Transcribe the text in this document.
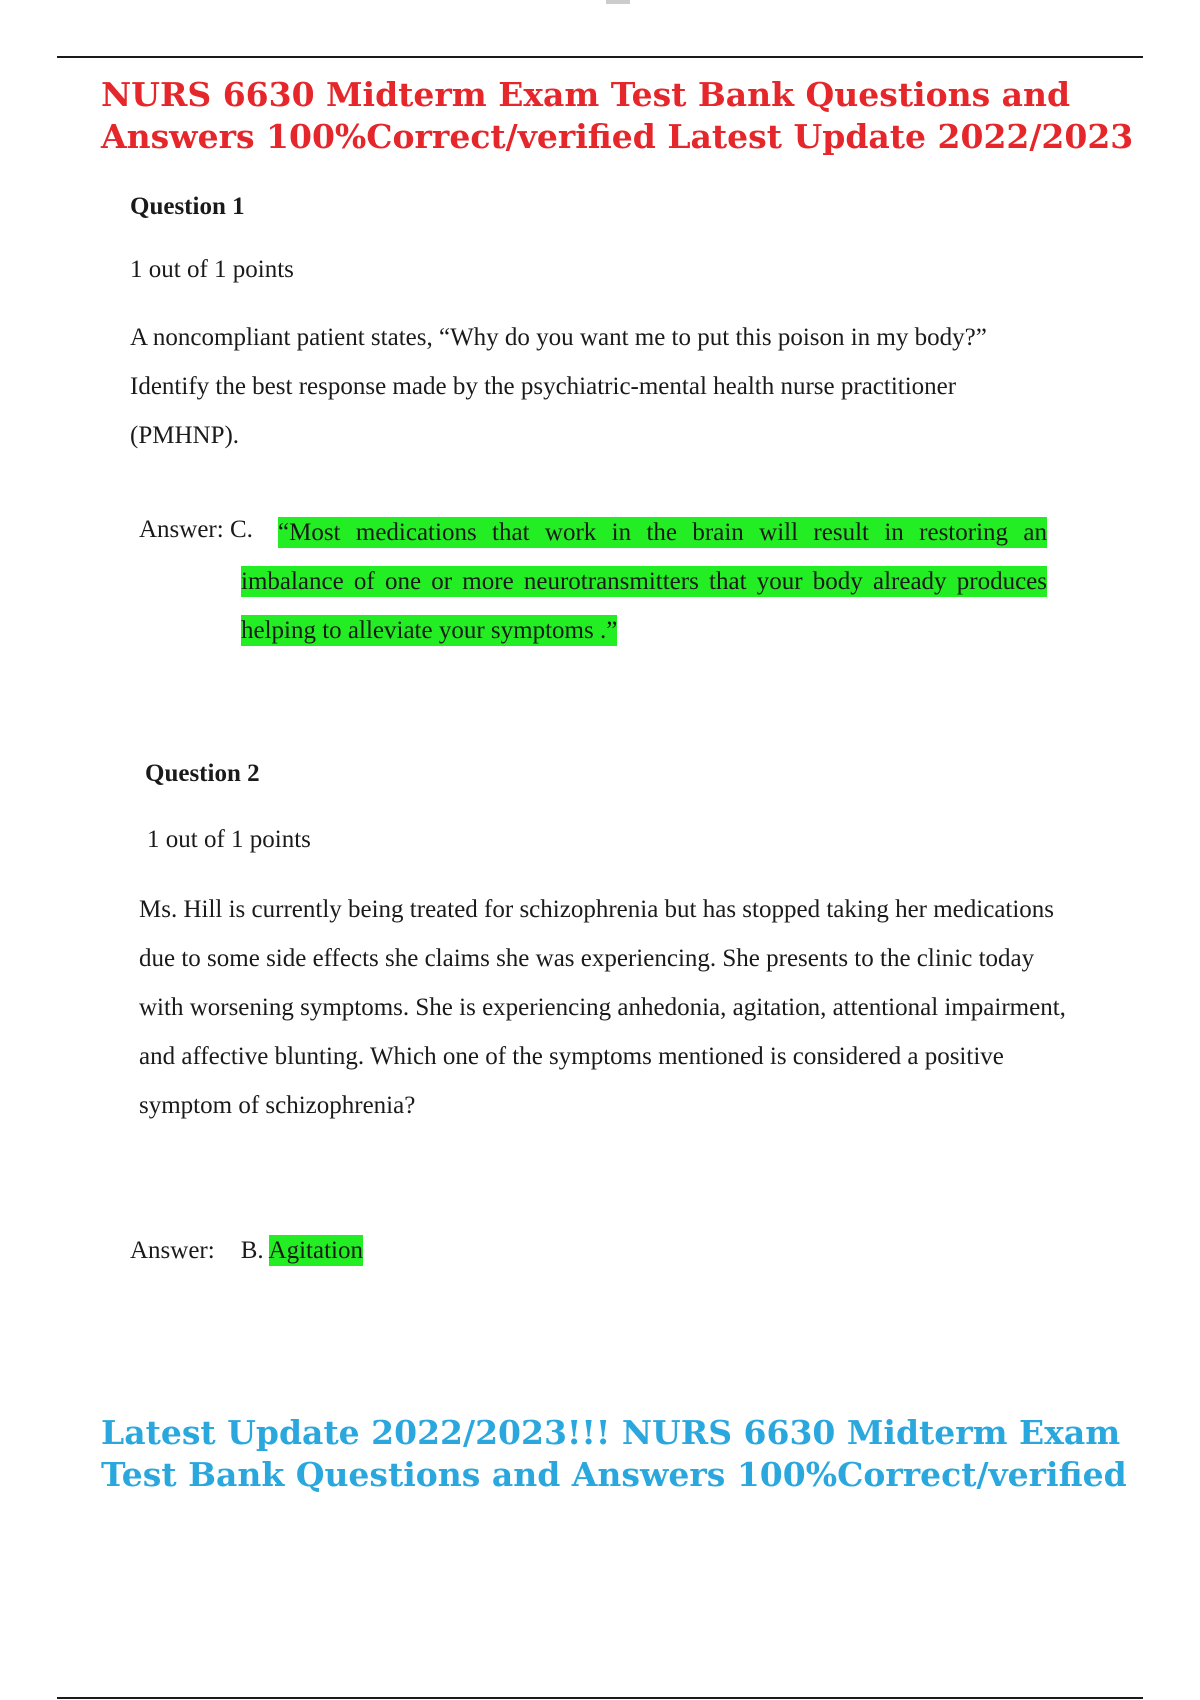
NURS 6630 Midterm Exam Test Bank Questions and Answers 100%Correct/verified Latest Update 2022/2023

Question 1

1 out of 1 points

A noncompliant patient states, “Why do you want me to put this poison in my body?” Identify the best response made by the psychiatric-mental health nurse practitioner (PMHNP).

Answer: C.	“Most medications that work in the brain will result in restoring an imbalance of one or more neurotransmitters that your body already produces helping to alleviate your symptoms .”

Question 2

1 out of 1 points

Ms. Hill is currently being treated for schizophrenia but has stopped taking her medications due to some side effects she claims she was experiencing. She presents to the clinic today with worsening symptoms. She is experiencing anhedonia, agitation, attentional impairment, and affective blunting. Which one of the symptoms mentioned is considered a positive symptom of schizophrenia?

Answer: B. Agitation

Latest Update 2022/2023!!! NURS 6630 Midterm Exam Test Bank Questions and Answers 100%Correct/verified
